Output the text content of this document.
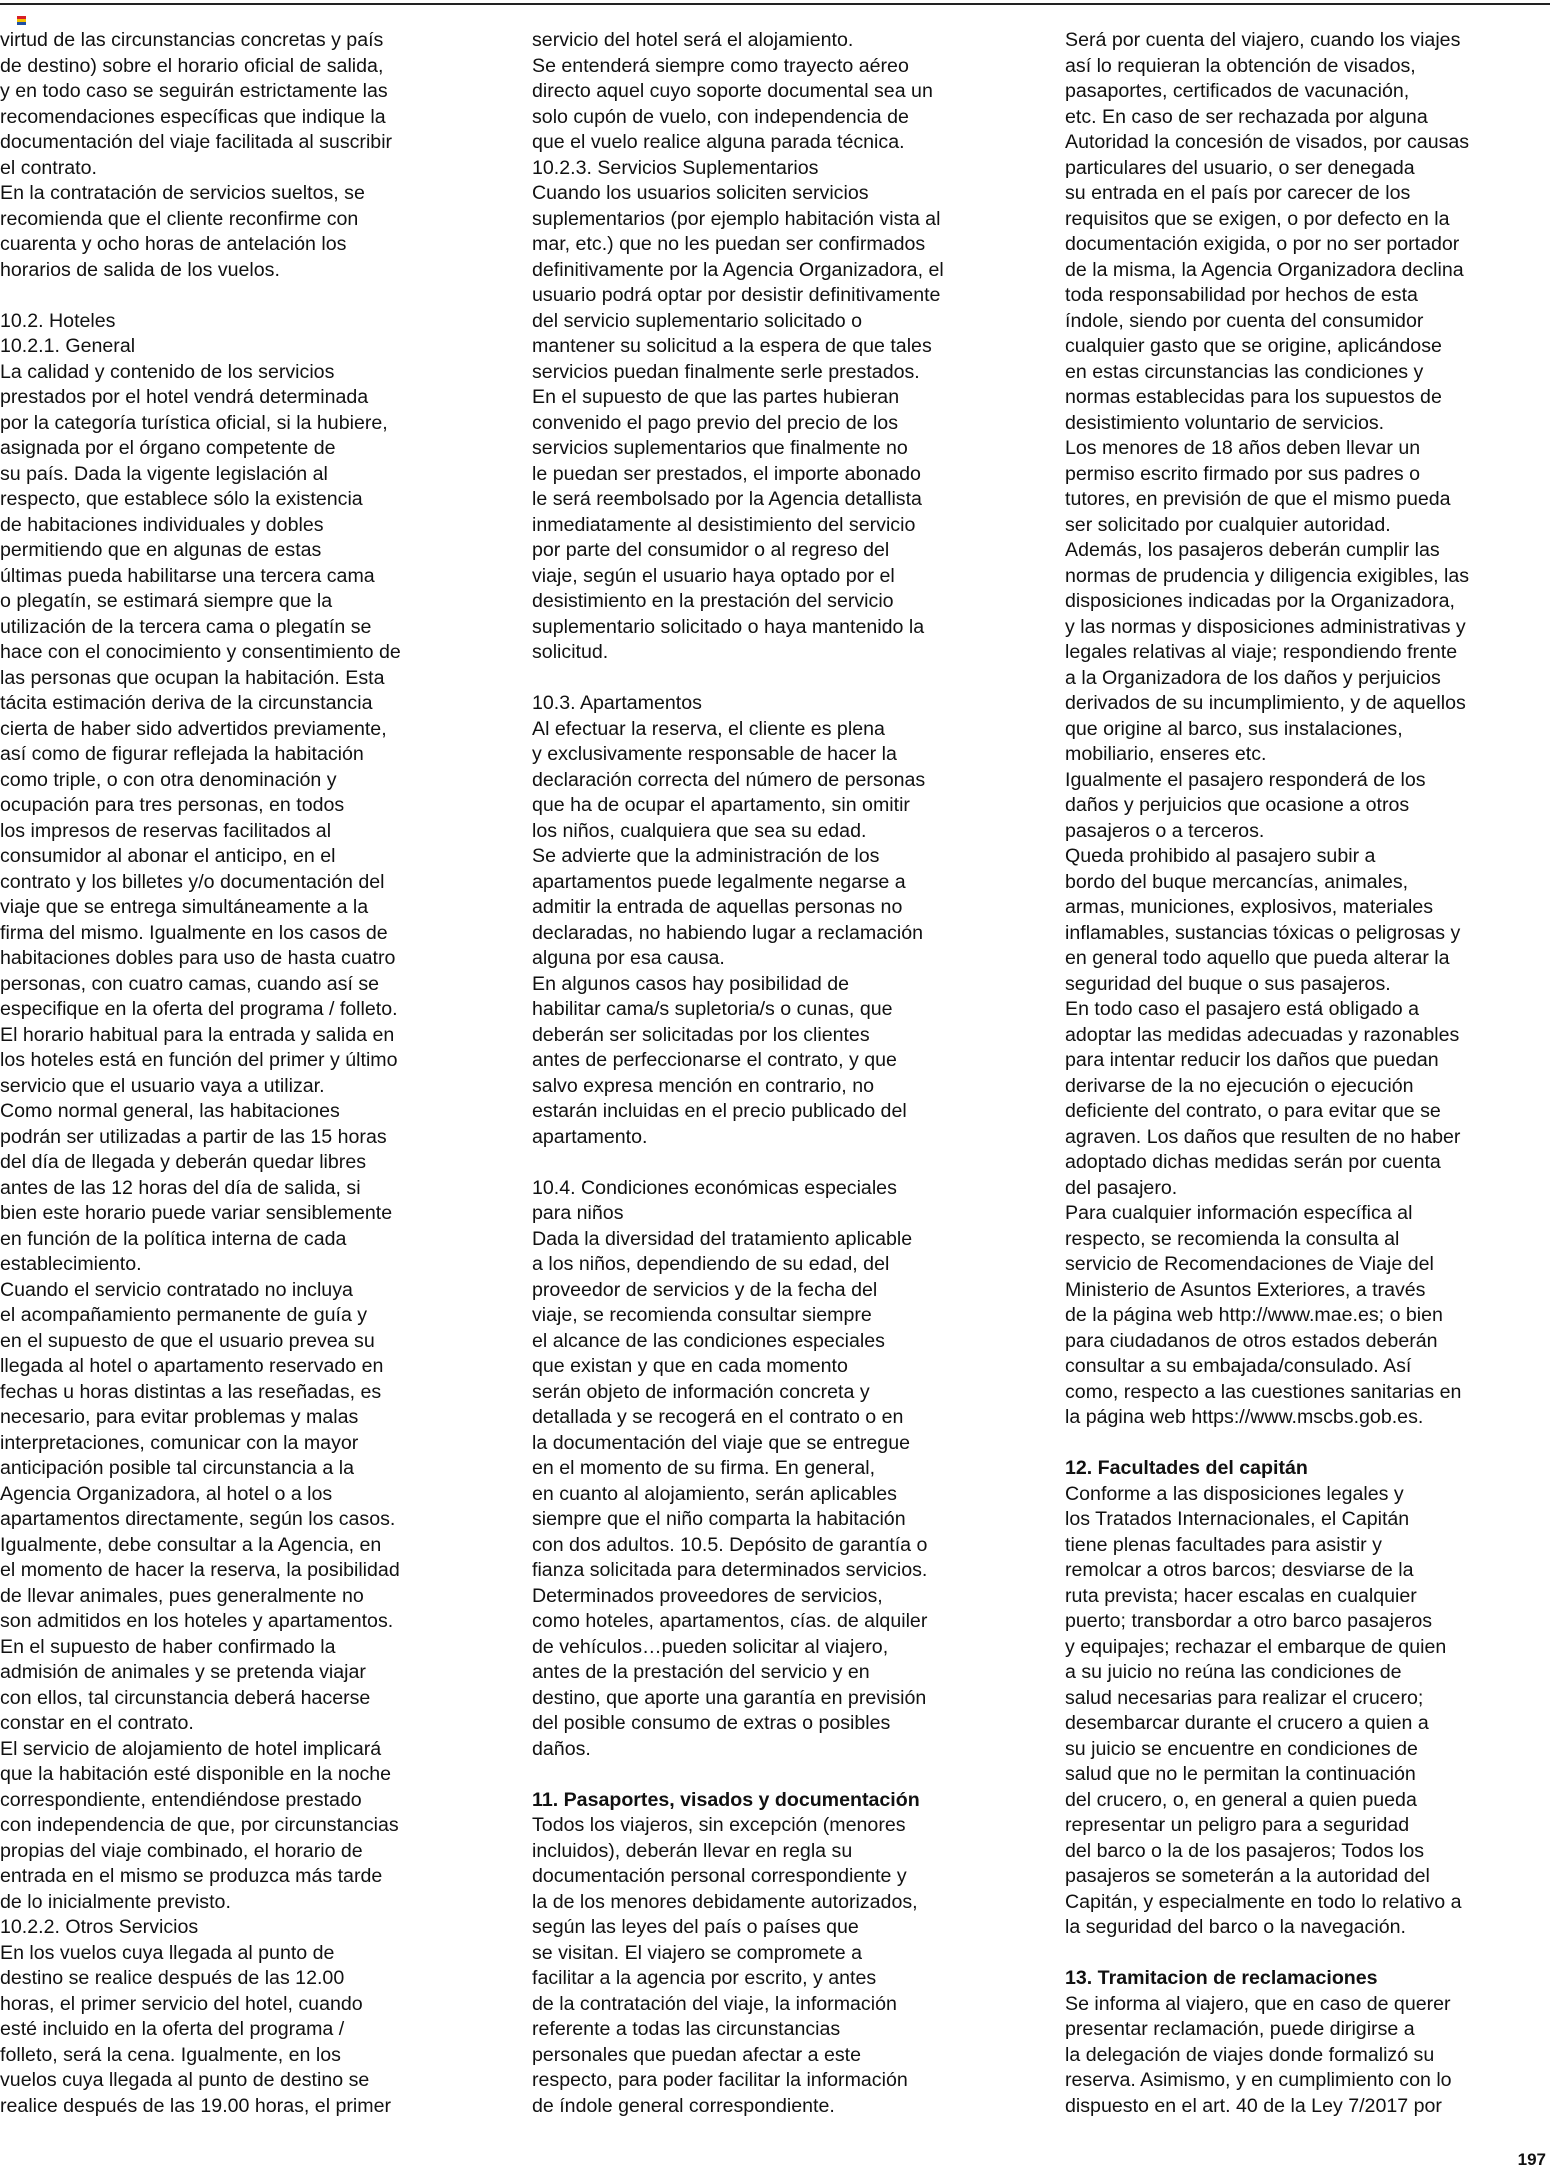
virtud de las circunstancias concretas y país
de destino) sobre el horario oficial de salida,
y en todo caso se seguirán estrictamente las
recomendaciones específicas que indique la
documentación del viaje facilitada al suscribir
el contrato.
En la contratación de servicios sueltos, se
recomienda que el cliente reconfirme con
cuarenta y ocho horas de antelación los
horarios de salida de los vuelos.
10.2. Hoteles
10.2.1. General
La calidad y contenido de los servicios
prestados por el hotel vendrá determinada
por la categoría turística oficial, si la hubiere,
asignada por el órgano competente de
su país. Dada la vigente legislación al
respecto, que establece sólo la existencia
de habitaciones individuales y dobles
permitiendo que en algunas de estas
últimas pueda habilitarse una tercera cama
o plegatín, se estimará siempre que la
utilización de la tercera cama o plegatín se
hace con el conocimiento y consentimiento de
las personas que ocupan la habitación. Esta
tácita estimación deriva de la circunstancia
cierta de haber sido advertidos previamente,
así como de figurar reflejada la habitación
como triple, o con otra denominación y
ocupación para tres personas, en todos
los impresos de reservas facilitados al
consumidor al abonar el anticipo, en el
contrato y los billetes y/o documentación del
viaje que se entrega simultáneamente a la
firma del mismo. Igualmente en los casos de
habitaciones dobles para uso de hasta cuatro
personas, con cuatro camas, cuando así se
especifique en la oferta del programa / folleto.
El horario habitual para la entrada y salida en
los hoteles está en función del primer y último
servicio que el usuario vaya a utilizar.
Como normal general, las habitaciones
podrán ser utilizadas a partir de las 15 horas
del día de llegada y deberán quedar libres
antes de las 12 horas del día de salida, si
bien este horario puede variar sensiblemente
en función de la política interna de cada
establecimiento.
Cuando el servicio contratado no incluya
el acompañamiento permanente de guía y
en el supuesto de que el usuario prevea su
llegada al hotel o apartamento reservado en
fechas u horas distintas a las reseñadas, es
necesario, para evitar problemas y malas
interpretaciones, comunicar con la mayor
anticipación posible tal circunstancia a la
Agencia Organizadora, al hotel o a los
apartamentos directamente, según los casos.
Igualmente, debe consultar a la Agencia, en
el momento de hacer la reserva, la posibilidad
de llevar animales, pues generalmente no
son admitidos en los hoteles y apartamentos.
En el supuesto de haber confirmado la
admisión de animales y se pretenda viajar
con ellos, tal circunstancia deberá hacerse
constar en el contrato.
El servicio de alojamiento de hotel implicará
que la habitación esté disponible en la noche
correspondiente, entendiéndose prestado
con independencia de que, por circunstancias
propias del viaje combinado, el horario de
entrada en el mismo se produzca más tarde
de lo inicialmente previsto.
10.2.2. Otros Servicios
En los vuelos cuya llegada al punto de
destino se realice después de las 12.00
horas, el primer servicio del hotel, cuando
esté incluido en la oferta del programa /
folleto, será la cena. Igualmente, en los
vuelos cuya llegada al punto de destino se
realice después de las 19.00 horas, el primer
servicio del hotel será el alojamiento.
Se entenderá siempre como trayecto aéreo
directo aquel cuyo soporte documental sea un
solo cupón de vuelo, con independencia de
que el vuelo realice alguna parada técnica.
10.2.3. Servicios Suplementarios
Cuando los usuarios soliciten servicios
suplementarios (por ejemplo habitación vista al
mar, etc.) que no les puedan ser confirmados
definitivamente por la Agencia Organizadora, el
usuario podrá optar por desistir definitivamente
del servicio suplementario solicitado o
mantener su solicitud a la espera de que tales
servicios puedan finalmente serle prestados.
En el supuesto de que las partes hubieran
convenido el pago previo del precio de los
servicios suplementarios que finalmente no
le puedan ser prestados, el importe abonado
le será reembolsado por la Agencia detallista
inmediatamente al desistimiento del servicio
por parte del consumidor o al regreso del
viaje, según el usuario haya optado por el
desistimiento en la prestación del servicio
suplementario solicitado o haya mantenido la
solicitud.
10.3. Apartamentos
Al efectuar la reserva, el cliente es plena
y exclusivamente responsable de hacer la
declaración correcta del número de personas
que ha de ocupar el apartamento, sin omitir
los niños, cualquiera que sea su edad.
Se advierte que la administración de los
apartamentos puede legalmente negarse a
admitir la entrada de aquellas personas no
declaradas, no habiendo lugar a reclamación
alguna por esa causa.
En algunos casos hay posibilidad de
habilitar cama/s supletoria/s o cunas, que
deberán ser solicitadas por los clientes
antes de perfeccionarse el contrato, y que
salvo expresa mención en contrario, no
estarán incluidas en el precio publicado del
apartamento.
10.4. Condiciones económicas especiales
para niños
Dada la diversidad del tratamiento aplicable
a los niños, dependiendo de su edad, del
proveedor de servicios y de la fecha del
viaje, se recomienda consultar siempre
el alcance de las condiciones especiales
que existan y que en cada momento
serán objeto de información concreta y
detallada y se recogerá en el contrato o en
la documentación del viaje que se entregue
en el momento de su firma. En general,
en cuanto al alojamiento, serán aplicables
siempre que el niño comparta la habitación
con dos adultos. 10.5. Depósito de garantía o
fianza solicitada para determinados servicios.
Determinados proveedores de servicios,
como hoteles, apartamentos, cías. de alquiler
de vehículos…pueden solicitar al viajero,
antes de la prestación del servicio y en
destino, que aporte una garantía en previsión
del posible consumo de extras o posibles
daños.
11. Pasaportes, visados y documentación
Todos los viajeros, sin excepción (menores
incluidos), deberán llevar en regla su
documentación personal correspondiente y
la de los menores debidamente autorizados,
según las leyes del país o países que
se visitan. El viajero se compromete a
facilitar a la agencia por escrito, y antes
de la contratación del viaje, la información
referente a todas las circunstancias
personales que puedan afectar a este
respecto, para poder facilitar la información
de índole general correspondiente.
Será por cuenta del viajero, cuando los viajes
así lo requieran la obtención de visados,
pasaportes, certificados de vacunación,
etc. En caso de ser rechazada por alguna
Autoridad la concesión de visados, por causas
particulares del usuario, o ser denegada
su entrada en el país por carecer de los
requisitos que se exigen, o por defecto en la
documentación exigida, o por no ser portador
de la misma, la Agencia Organizadora declina
toda responsabilidad por hechos de esta
índole, siendo por cuenta del consumidor
cualquier gasto que se origine, aplicándose
en estas circunstancias las condiciones y
normas establecidas para los supuestos de
desistimiento voluntario de servicios.
Los menores de 18 años deben llevar un
permiso escrito firmado por sus padres o
tutores, en previsión de que el mismo pueda
ser solicitado por cualquier autoridad.
Además, los pasajeros deberán cumplir las
normas de prudencia y diligencia exigibles, las
disposiciones indicadas por la Organizadora,
y las normas y disposiciones administrativas y
legales relativas al viaje; respondiendo frente
a la Organizadora de los daños y perjuicios
derivados de su incumplimiento, y de aquellos
que origine al barco, sus instalaciones,
mobiliario, enseres etc.
Igualmente el pasajero responderá de los
daños y perjuicios que ocasione a otros
pasajeros o a terceros.
Queda prohibido al pasajero subir a
bordo del buque mercancías, animales,
armas, municiones, explosivos, materiales
inflamables, sustancias tóxicas o peligrosas y
en general todo aquello que pueda alterar la
seguridad del buque o sus pasajeros.
En todo caso el pasajero está obligado a
adoptar las medidas adecuadas y razonables
para intentar reducir los daños que puedan
derivarse de la no ejecución o ejecución
deficiente del contrato, o para evitar que se
agraven. Los daños que resulten de no haber
adoptado dichas medidas serán por cuenta
del pasajero.
Para cualquier información específica al
respecto, se recomienda la consulta al
servicio de Recomendaciones de Viaje del
Ministerio de Asuntos Exteriores, a través
de la página web http://www.mae.es; o bien
para ciudadanos de otros estados deberán
consultar a su embajada/consulado. Así
como, respecto a las cuestiones sanitarias en
la página web https://www.mscbs.gob.es.
12. Facultades del capitán
Conforme a las disposiciones legales y
los Tratados Internacionales, el Capitán
tiene plenas facultades para asistir y
remolcar a otros barcos; desviarse de la
ruta prevista; hacer escalas en cualquier
puerto; transbordar a otro barco pasajeros
y equipajes; rechazar el embarque de quien
a su juicio no reúna las condiciones de
salud necesarias para realizar el crucero;
desembarcar durante el crucero a quien a
su juicio se encuentre en condiciones de
salud que no le permitan la continuación
del crucero, o, en general a quien pueda
representar un peligro para a seguridad
del barco o la de los pasajeros; Todos los
pasajeros se someterán a la autoridad del
Capitán, y especialmente en todo lo relativo a
la seguridad del barco o la navegación.
13. Tramitacion de reclamaciones
Se informa al viajero, que en caso de querer
presentar reclamación, puede dirigirse a
la delegación de viajes donde formalizó su
reserva. Asimismo, y en cumplimiento con lo
dispuesto en el art. 40 de la Ley 7/2017 por
197
